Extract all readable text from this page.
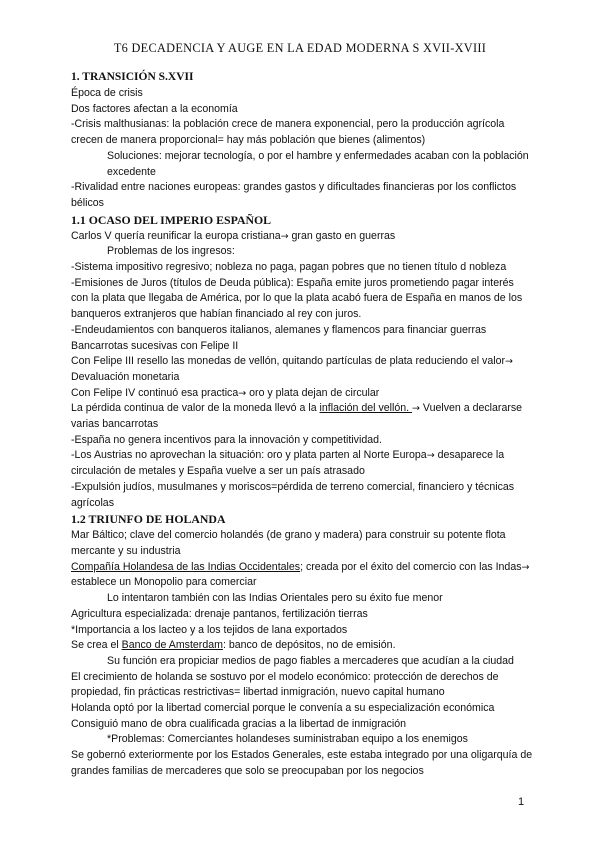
T6 DECADENCIA Y AUGE EN LA EDAD MODERNA S XVII-XVIII

1. TRANSICIÓN S.XVII

Época de crisis

Dos factores afectan a la economía

-Crisis malthusianas: la población crece de manera exponencial, pero la producción agrícola crecen de manera proporcional= hay más población que bienes (alimentos)

Soluciones: mejorar tecnología, o por el hambre y enfermedades acaban con la población excedente

-Rivalidad entre naciones europeas: grandes gastos y dificultades financieras por los conflictos bélicos

1.1 OCASO DEL IMPERIO ESPAÑOL

Carlos V quería reunificar la europa cristiana→ gran gasto en guerras

Problemas de los ingresos:

-Sistema impositivo regresivo; nobleza no paga, pagan pobres que no tienen título d nobleza

-Emisiones de Juros (títulos de Deuda pública): España emite juros prometiendo pagar interés con la plata que llegaba de América, por lo que la plata acabó fuera de España en manos de los banqueros extranjeros que habían financiado al rey con juros.

-Endeudamientos con banqueros italianos, alemanes y flamencos para financiar guerras

Bancarrotas sucesivas con Felipe II

Con Felipe III resello las monedas de vellón, quitando partículas de plata reduciendo el valor→ Devaluación monetaria

Con Felipe IV continuó esa practica→ oro y plata dejan de circular

La pérdida continua de valor de la moneda llevó a la inflación del vellón. → Vuelven a declararse varias bancarrotas

-España no genera incentivos para la innovación y competitividad.

-Los Austrias no aprovechan la situación: oro y plata parten al Norte Europa→ desaparece la circulación de metales y España vuelve a ser un país atrasado

-Expulsión judíos, musulmanes y moriscos=pérdida de terreno comercial, financiero y técnicas agrícolas

1.2 TRIUNFO DE HOLANDA

Mar Báltico; clave del comercio holandés (de grano y madera) para construir su potente flota mercante y su industria

Compañía Holandesa de las Indias Occidentales; creada por el éxito del comercio con las Indas→ establece un Monopolio para comerciar

Lo intentaron también con las Indias Orientales pero su éxito fue menor

Agricultura especializada: drenaje pantanos, fertilización tierras

*Importancia a los lacteo y a los tejidos de lana exportados

Se crea el Banco de Amsterdam: banco de depósitos, no de emisión.

Su función era propiciar medios de pago fiables a mercaderes que acudían a la ciudad

El crecimiento de holanda se sostuvo por el modelo económico: protección de derechos de propiedad, fin prácticas restrictivas= libertad inmigración, nuevo capital humano

Holanda optó por la libertad comercial porque le convenía a su especialización económica

Consiguió mano de obra cualificada gracias a la libertad de inmigración

*Problemas: Comerciantes holandeses suministraban equipo a los enemigos

Se gobernó exteriormente por los Estados Generales, este estaba integrado por una oligarquía de grandes familias de mercaderes que solo se preocupaban por los negocios

1
